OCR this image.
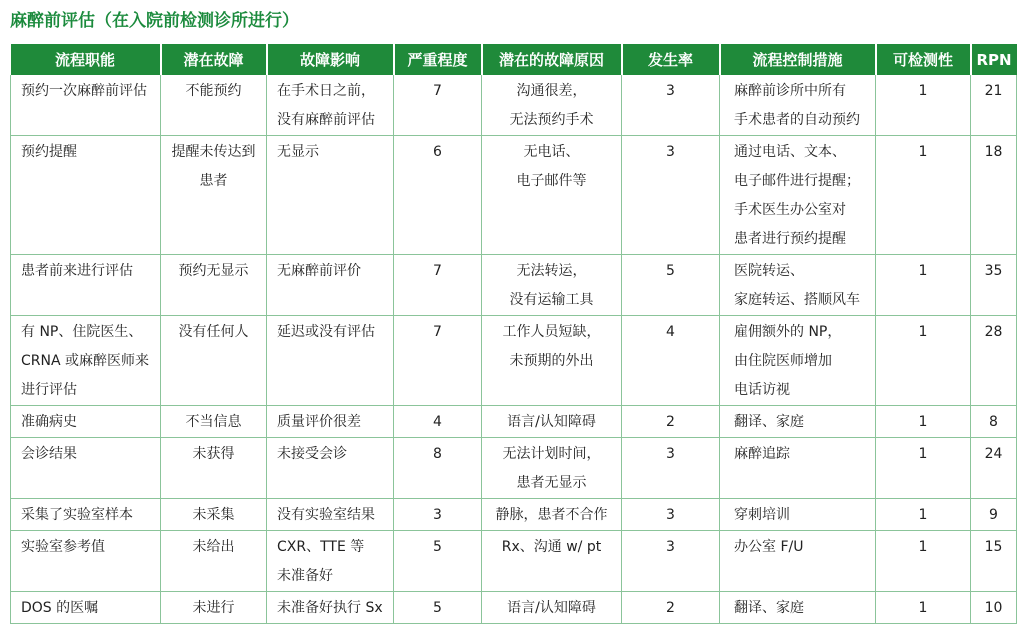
麻醉前评估（在入院前检测诊所进行）
流程职能	潜在故障	故障影响	严重程度	潜在的故障原因	发生率	流程控制措施	可检测性	RPN

预约一次麻醉前评估	不能预约	在手术日之前，
没有麻醉前评估	7	沟通很差，
无法预约手术	3	麻醉前诊所中所有
手术患者的自动预约	1	21

预约提醒	提醒未传达到
患者	无显示	6	无电话、
电子邮件等	3	通过电话、文本、
电子邮件进行提醒；
手术医生办公室对
患者进行预约提醒	1	18

患者前来进行评估	预约无显示	无麻醉前评价	7	无法转运，
没有运输工具	5	医院转运、
家庭转运、搭顺风车	1	35

有 NP、住院医生、
CRNA 或麻醉医师来
进行评估	没有任何人	延迟或没有评估	7	工作人员短缺，
未预期的外出	4	雇佣额外的 NP，
由住院医师增加
电话访视	1	28

准确病史	不当信息	质量评价很差	4	语言/认知障碍	2	翻译、家庭	1	8

会诊结果	未获得	未接受会诊	8	无法计划时间，
患者无显示	3	麻醉追踪	1	24

采集了实验室样本	未采集	没有实验室结果	3	静脉，患者不合作	3	穿刺培训	1	9

实验室参考值	未给出	CXR、TTE 等
未准备好	5	Rx、沟通 w/ pt	3	办公室 F/U	1	15

DOS 的医嘱	未进行	未准备好执行 Sx	5	语言/认知障碍	2	翻译、家庭	1	10
